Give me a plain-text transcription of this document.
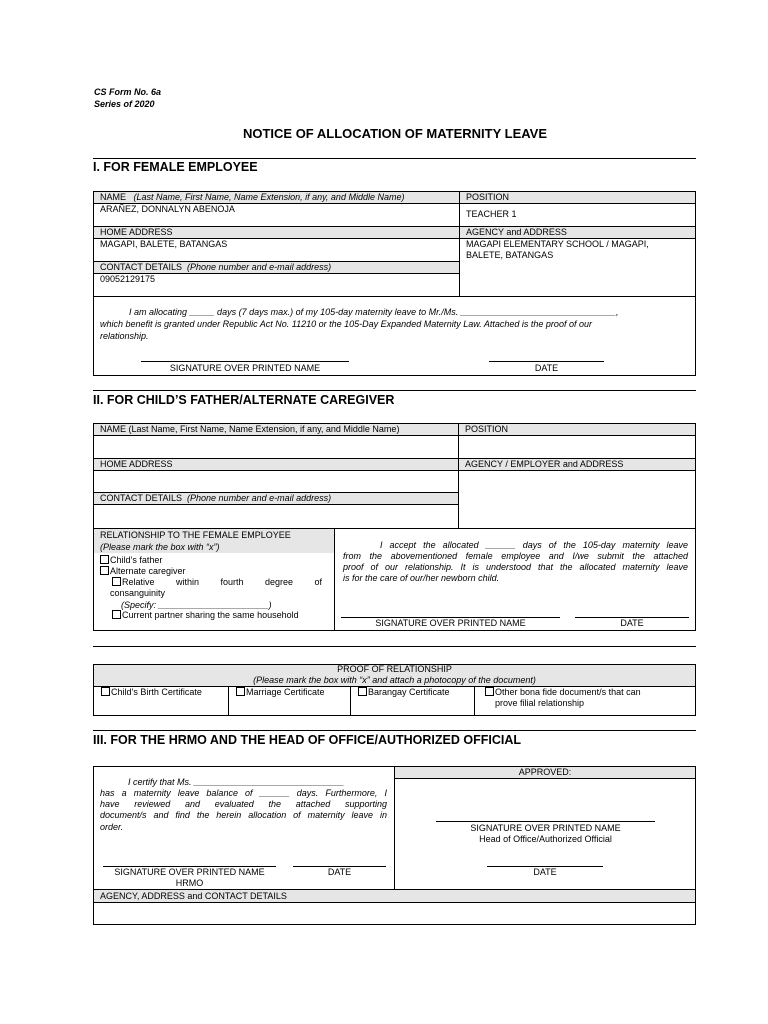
CS Form No. 6a
Series of 2020
NOTICE OF ALLOCATION OF MATERNITY LEAVE
I. FOR FEMALE EMPLOYEE
NAME (Last Name, First Name, Name Extension, if any, and Middle Name)	POSITION
ARAÑEZ, DONNALYN ABENOJA	TEACHER 1
HOME ADDRESS	AGENCY and ADDRESS
MAGAPI, BALETE, BATANGAS	MAGAPI ELEMENTARY SCHOOL / MAGAPI,
BALETE, BATANGAS
CONTACT DETAILS (Phone number and e-mail address)
09052129175
I am allocating _____ days (7 days max.) of my 105-day maternity leave to Mr./Ms. _______________________________,
which benefit is granted under Republic Act No. 11210 or the 105-Day Expanded Maternity Law. Attached is the proof of our
relationship.
SIGNATURE OVER PRINTED NAME	DATE
II. FOR CHILD’S FATHER/ALTERNATE CAREGIVER
NAME (Last Name, First Name, Name Extension, if any, and Middle Name)	POSITION
HOME ADDRESS	AGENCY / EMPLOYER and ADDRESS
CONTACT DETAILS (Phone number and e-mail address)
RELATIONSHIP TO THE FEMALE EMPLOYEE
(Please mark the box with “x”)
Child’s father
Alternate caregiver
Relative within fourth degree of
consanguinity
(Specify: ______________________)
Current partner sharing the same household
I accept the allocated ______ days of the 105-day maternity leave
from the abovementioned female employee and I/we submit the attached
proof of our relationship. It is understood that the allocated maternity leave
is for the care of our/her newborn child.
SIGNATURE OVER PRINTED NAME	DATE
PROOF OF RELATIONSHIP
(Please mark the box with “x” and attach a photocopy of the document)
Child’s Birth Certificate	Marriage Certificate	Barangay Certificate	Other bona fide document/s that can
prove filial relationship
III. FOR THE HRMO AND THE HEAD OF OFFICE/AUTHORIZED OFFICIAL
I certify that Ms. ______________________________
has a maternity leave balance of ______ days. Furthermore, I
have reviewed and evaluated the attached supporting
document/s and find the herein allocation of maternity leave in
order.
SIGNATURE OVER PRINTED NAME
HRMO
DATE
APPROVED:
SIGNATURE OVER PRINTED NAME
Head of Office/Authorized Official
DATE
AGENCY, ADDRESS and CONTACT DETAILS
